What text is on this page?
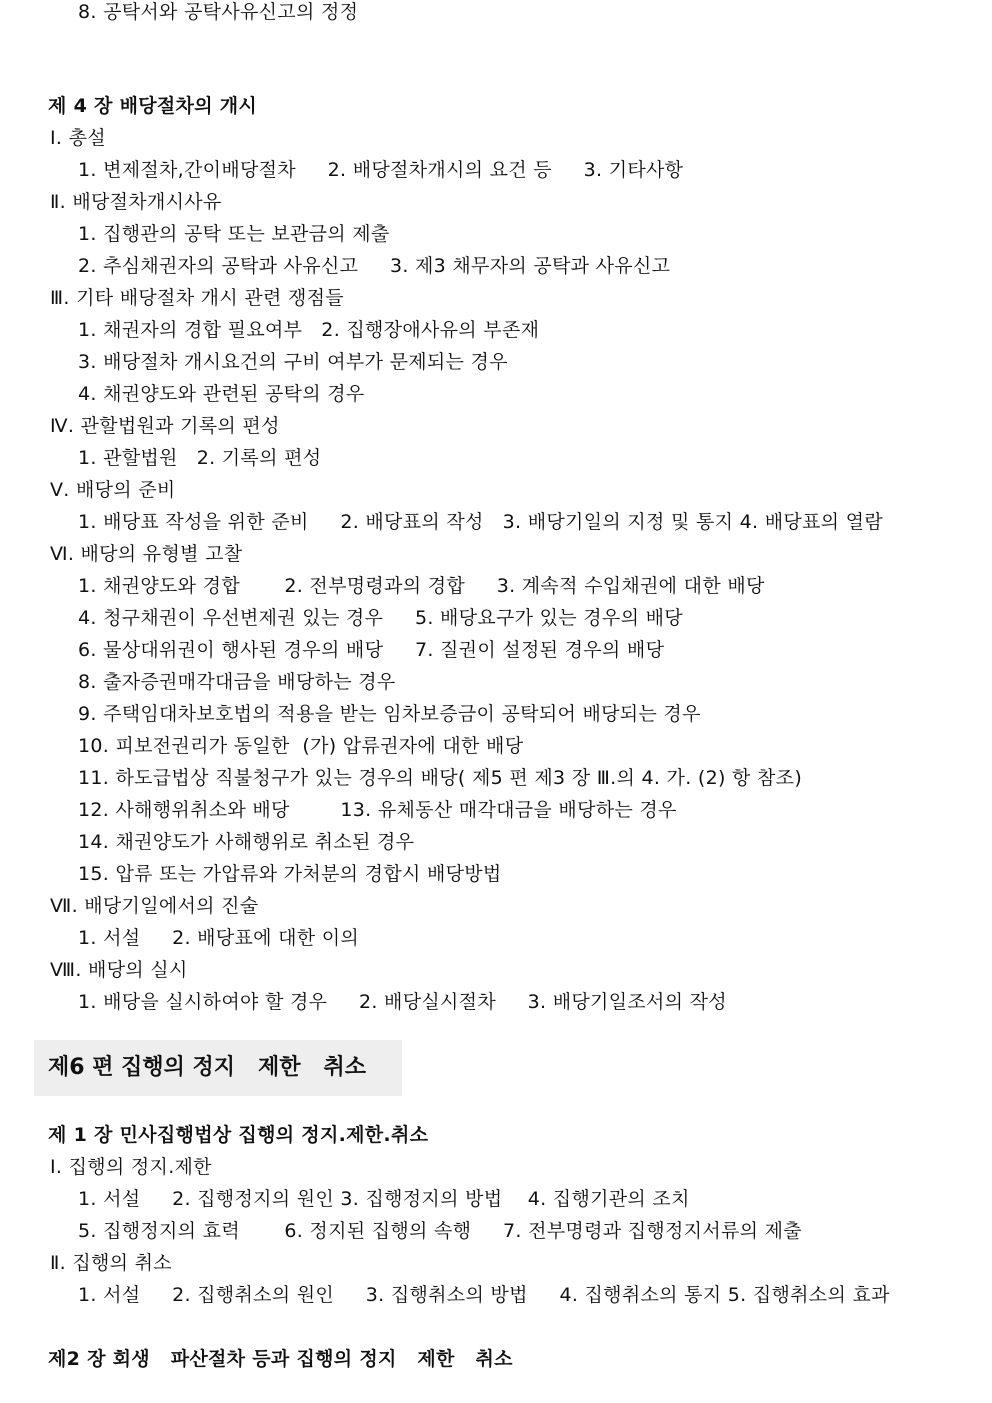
8. 공탁서와 공탁사유신고의 정정
제 4 장 배당절차의 개시
Ⅰ. 총설
1. 변제절차,간이배당절차     2. 배당절차개시의 요건 등     3. 기타사항
Ⅱ. 배당절차개시사유
1. 집행관의 공탁 또는 보관금의 제출
2. 추심채권자의 공탁과 사유신고     3. 제3 채무자의 공탁과 사유신고
Ⅲ. 기타 배당절차 개시 관련 쟁점들
1. 채권자의 경합 필요여부   2. 집행장애사유의 부존재
3. 배당절차 개시요건의 구비 여부가 문제되는 경우
4. 채권양도와 관련된 공탁의 경우
Ⅳ. 관할법원과 기록의 편성
1. 관할법원   2. 기록의 편성
Ⅴ. 배당의 준비
1. 배당표 작성을 위한 준비     2. 배당표의 작성   3. 배당기일의 지정 및 통지 4. 배당표의 열람
Ⅵ. 배당의 유형별 고찰
1. 채권양도와 경합       2. 전부명령과의 경합     3. 계속적 수입채권에 대한 배당
4. 청구채권이 우선변제권 있는 경우     5. 배당요구가 있는 경우의 배당
6. 물상대위권이 행사된 경우의 배당     7. 질권이 설정된 경우의 배당
8. 출자증권매각대금을 배당하는 경우
9. 주택임대차보호법의 적용을 받는 임차보증금이 공탁되어 배당되는 경우
10. 피보전권리가 동일한  (가) 압류권자에 대한 배당
11. 하도급법상 직불청구가 있는 경우의 배당( 제5 편 제3 장 Ⅲ.의 4. 가. (2) 항 참조)
12. 사해행위취소와 배당        13. 유체동산 매각대금을 배당하는 경우
14. 채권양도가 사해행위로 취소된 경우
15. 압류 또는 가압류와 가처분의 경합시 배당방법
Ⅶ. 배당기일에서의 진술
1. 서설     2. 배당표에 대한 이의
Ⅷ. 배당의 실시
1. 배당을 실시하여야 할 경우     2. 배당실시절차     3. 배당기일조서의 작성
제6 편 집행의 정지   제한   취소
제 1 장 민사집행법상 집행의 정지.제한.취소
Ⅰ. 집행의 정지.제한
1. 서설     2. 집행정지의 원인 3. 집행정지의 방법    4. 집행기관의 조치
5. 집행정지의 효력       6. 정지된 집행의 속행     7. 전부명령과 집행정지서류의 제출
Ⅱ. 집행의 취소
1. 서설     2. 집행취소의 원인     3. 집행취소의 방법     4. 집행취소의 통지 5. 집행취소의 효과
제2 장 회생   파산절차 등과 집행의 정지   제한   취소
